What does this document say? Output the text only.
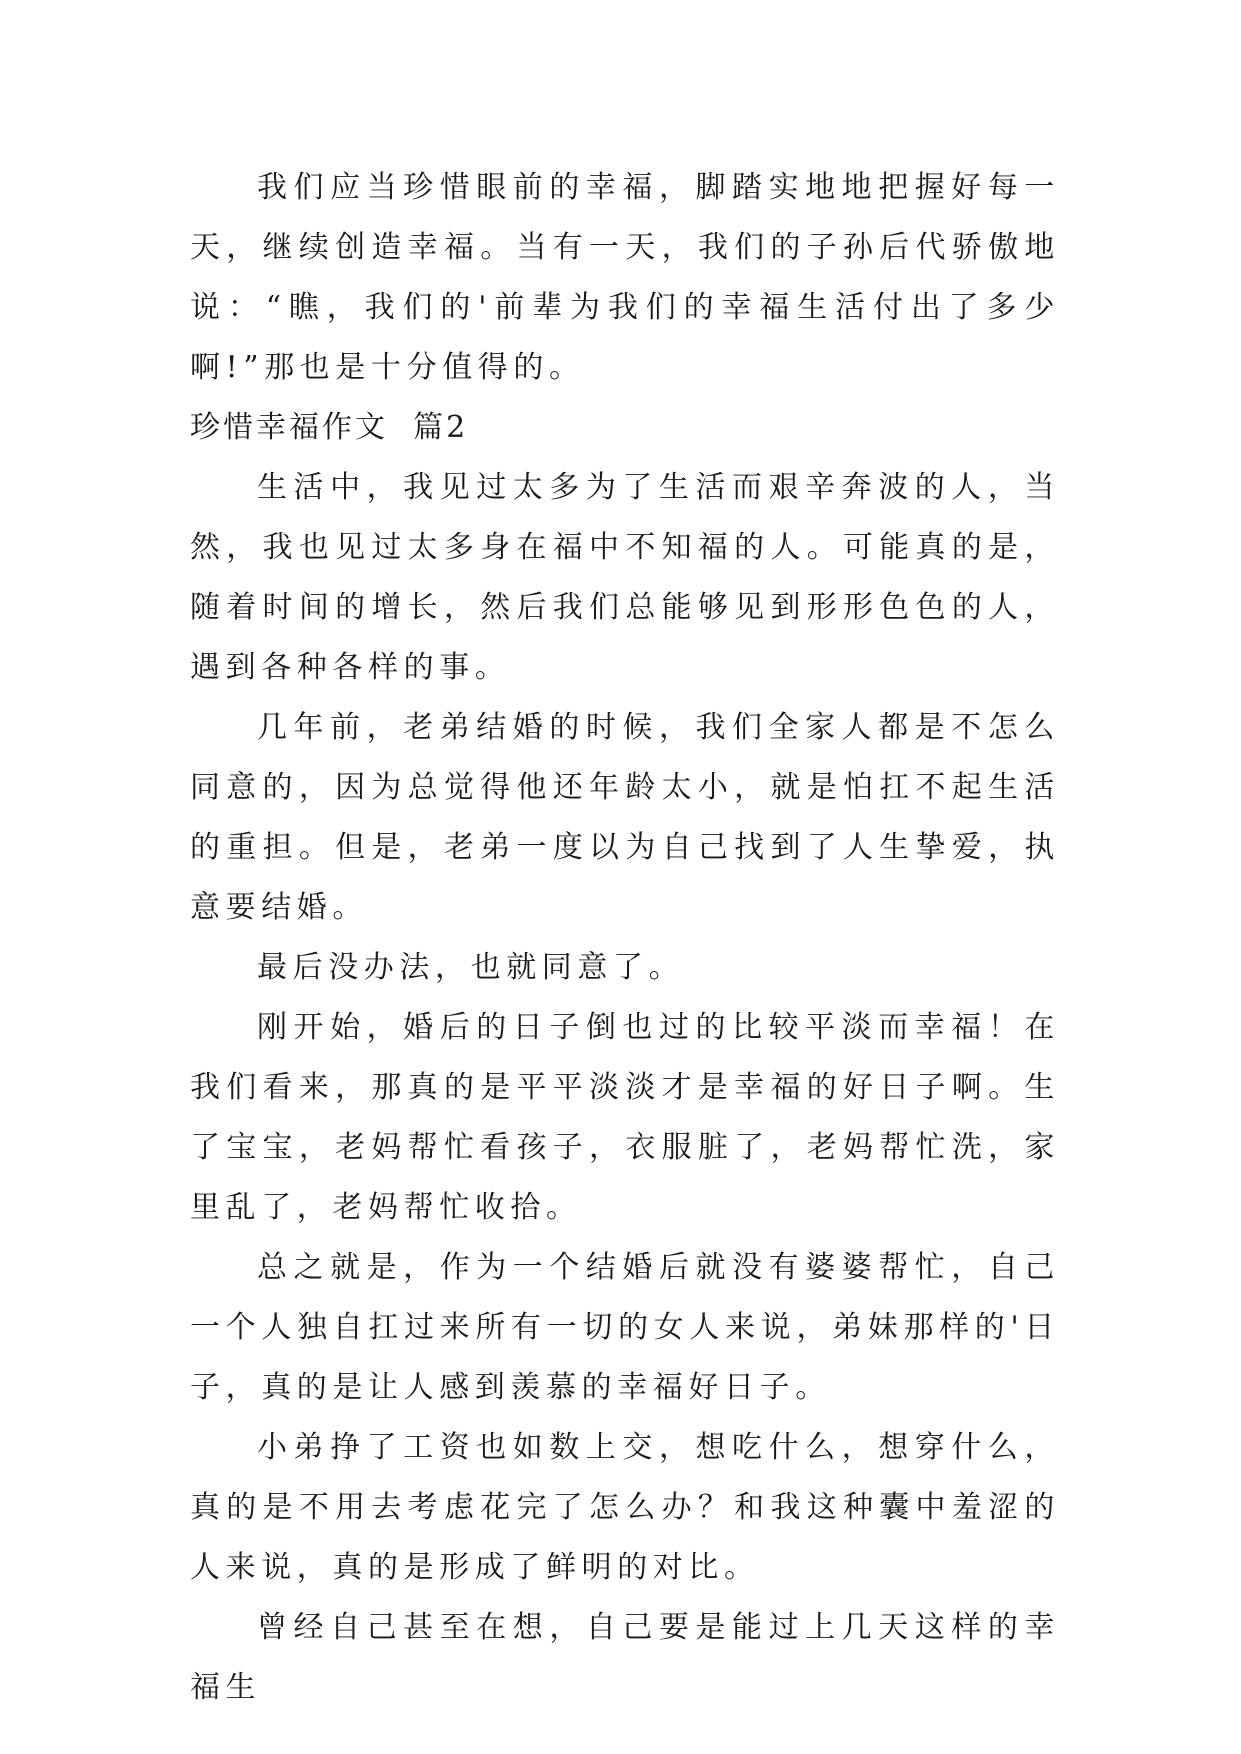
我们应当珍惜眼前的幸福，脚踏实地地把握好每一天，继续创造幸福。当有一天，我们的子孙后代骄傲地说：“瞧，我们的'前辈为我们的幸福生活付出了多少啊!”那也是十分值得的。

珍惜幸福作文  篇2

生活中，我见过太多为了生活而艰辛奔波的人，当然，我也见过太多身在福中不知福的人。可能真的是，随着时间的增长，然后我们总能够见到形形色色的人，遇到各种各样的事。

几年前，老弟结婚的时候，我们全家人都是不怎么同意的，因为总觉得他还年龄太小，就是怕扛不起生活的重担。但是，老弟一度以为自己找到了人生挚爱，执意要结婚。

最后没办法，也就同意了。

刚开始，婚后的日子倒也过的比较平淡而幸福！在我们看来，那真的是平平淡淡才是幸福的好日子啊。生了宝宝，老妈帮忙看孩子，衣服脏了，老妈帮忙洗，家里乱了，老妈帮忙收拾。

总之就是，作为一个结婚后就没有婆婆帮忙，自己一个人独自扛过来所有一切的女人来说，弟妹那样的'日子，真的是让人感到羡慕的幸福好日子。

小弟挣了工资也如数上交，想吃什么，想穿什么，真的是不用去考虑花完了怎么办？和我这种囊中羞涩的人来说，真的是形成了鲜明的对比。

曾经自己甚至在想，自己要是能过上几天这样的幸福生
